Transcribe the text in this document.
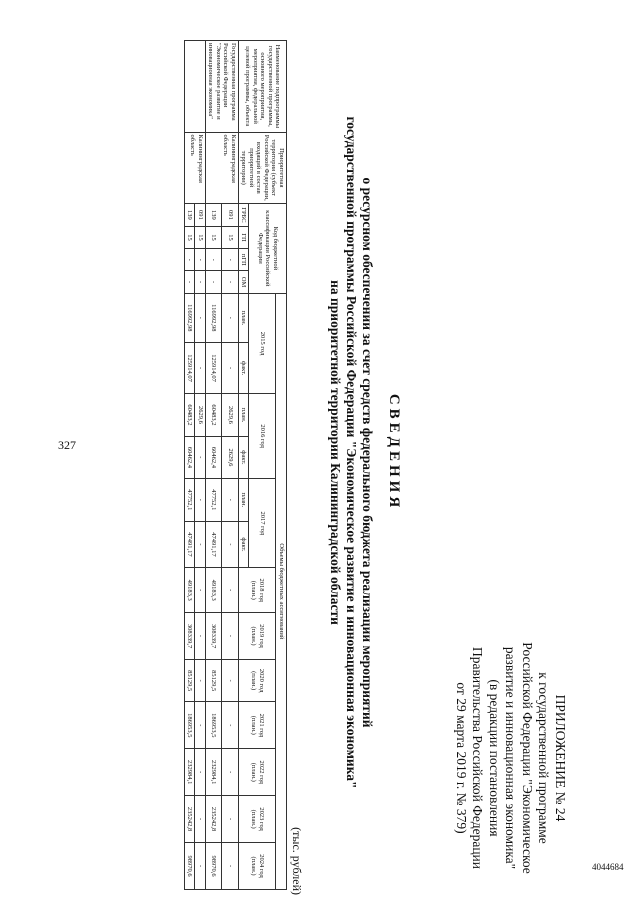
327
4044684
ПРИЛОЖЕНИЕ № 24
к государственной программе
Российской Федерации "Экономическое
развитие и инновационная экономика"
(в редакции постановления
Правительства Российской Федерации
от 29 марта 2019 г. № 379)
СВЕДЕНИЯ
о ресурсном обеспечении за счет средств федерального бюджета реализации мероприятий
государственной программы Российской Федерации "Экономическое развитие и инновационная экономика"
на приоритетной территории Калининградской области
(тыс. рублей)
Наименование подпрограммы государственной программы, основного мероприятия, мероприятия, федеральной целевой программы, объекта	Приоритетная территория (субъект Российской Федерации, входящий в состав приоритетной территории)	Код бюджетной классификации Российской Федерации				Объемы бюджетных ассигнований												
						2015 год		2016 год		2017 год		2018 год (план.)	2019 год (план.)	2020 год (план.)	2021 год (план.)	2022 год (план.)	2023 год (план.)	2024 год (план.)
		ГРБС	ГП	пГП	ОМ	план.	факт.	план.	факт.	план.	факт.							
Государственная программа Российской Федерации "Экономическое развитие и инновационная экономика"	Калининградская область	091	15	-	-	-	-	2629,6	2629,6	-	-	-	-	-	-	-	-	-
		139	15	-	-	116992,98	125914,07	60483,2	60462,4	47752,1	47491,17	49183,3	308339,7	85129,5	186953,5	232984,1	235242,8	98970,6
	Калининградская область	091	15	-	-	-	-	2629,6	-	-	-	-	-	-	-	-	-	-
		139	15	-	-	116992,98	125914,07	60483,2	60462,4	47752,1	47491,17	49183,3	308339,7	85129,5	186953,5	232984,1	235242,8	98970,6
